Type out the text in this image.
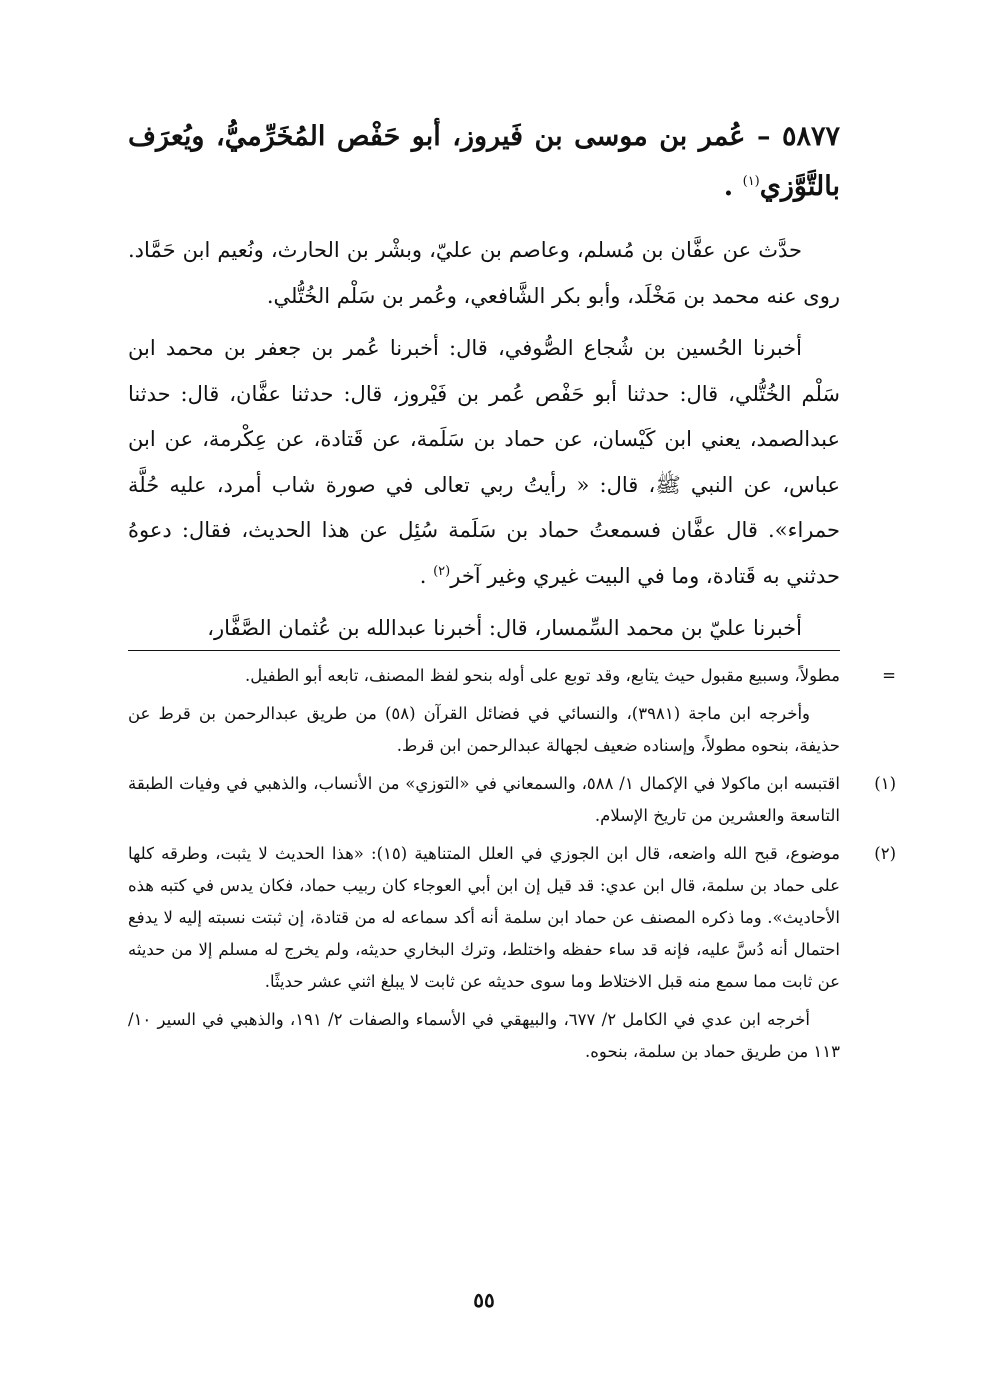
٥٨٧٧ – عُمر بن موسى بن فَيروز، أبو حَفْص المُخَرِّميُّ، ويُعرَف بالتَّوَّزي$^{(١)}$ .

حدَّث عن عفَّان بن مُسلم، وعاصم بن عليّ، وبشْر بن الحارث، ونُعيم ابن حَمَّاد. روى عنه محمد بن مَخْلَد، وأبو بكر الشَّافعي، وعُمر بن سَلْم الخُتُّلي.

أخبرنا الحُسين بن شُجاع الصُّوفي، قال: أخبرنا عُمر بن جعفر بن محمد ابن سَلْم الخُتُّلي، قال: حدثنا أبو حَفْص عُمر بن فَيْروز، قال: حدثنا عفَّان، قال: حدثنا عبدالصمد، يعني ابن كَيْسان، عن حماد بن سَلَمة، عن قَتادة، عن عِكْرمة، عن ابن عباس، عن النبي ﷺ، قال: « رأيتُ ربي تعالى في صورة شاب أمرد، عليه حُلَّة حمراء». قال عفَّان فسمعتُ حماد بن سَلَمة سُئِل عن هذا الحديث، فقال: دعوهُ حدثني به قَتادة، وما في البيت غيري وغير آخر$^{(٢)}$ .

أخبرنا عليّ بن محمد السِّمسار، قال: أخبرنا عبدالله بن عُثمان الصَّفَّار،

=
مطولاً، وسبيع مقبول حيث يتابع، وقد توبع على أوله بنحو لفظ المصنف، تابعه أبو الطفيل.
وأخرجه ابن ماجة (٣٩٨١)، والنسائي في فضائل القرآن (٥٨) من طريق عبدالرحمن بن قرط عن حذيفة، بنحوه مطولاً، وإسناده ضعيف لجهالة عبدالرحمن ابن قرط.
(١)
اقتبسه ابن ماكولا في الإكمال ١/ ٥٨٨، والسمعاني في «التوزي» من الأنساب، والذهبي في وفيات الطبقة التاسعة والعشرين من تاريخ الإسلام.
(٢)
موضوع، قبح الله واضعه، قال ابن الجوزي في العلل المتناهية (١٥): «هذا الحديث لا يثبت، وطرقه كلها على حماد بن سلمة، قال ابن عدي: قد قيل إن ابن أبي العوجاء كان ربيب حماد، فكان يدس في كتبه هذه الأحاديث». وما ذكره المصنف عن حماد ابن سلمة أنه أكد سماعه له من قتادة، إن ثبتت نسبته إليه لا يدفع احتمال أنه دُسَّ عليه، فإنه قد ساء حفظه واختلط، وترك البخاري حديثه، ولم يخرج له مسلم إلا من حديثه عن ثابت مما سمع منه قبل الاختلاط وما سوى حديثه عن ثابت لا يبلغ اثني عشر حديثًا.
أخرجه ابن عدي في الكامل ٢/ ٦٧٧، والبيهقي في الأسماء والصفات ٢/ ١٩١، والذهبي في السير ١٠/ ١١٣ من طريق حماد بن سلمة، بنحوه.
٥٥
